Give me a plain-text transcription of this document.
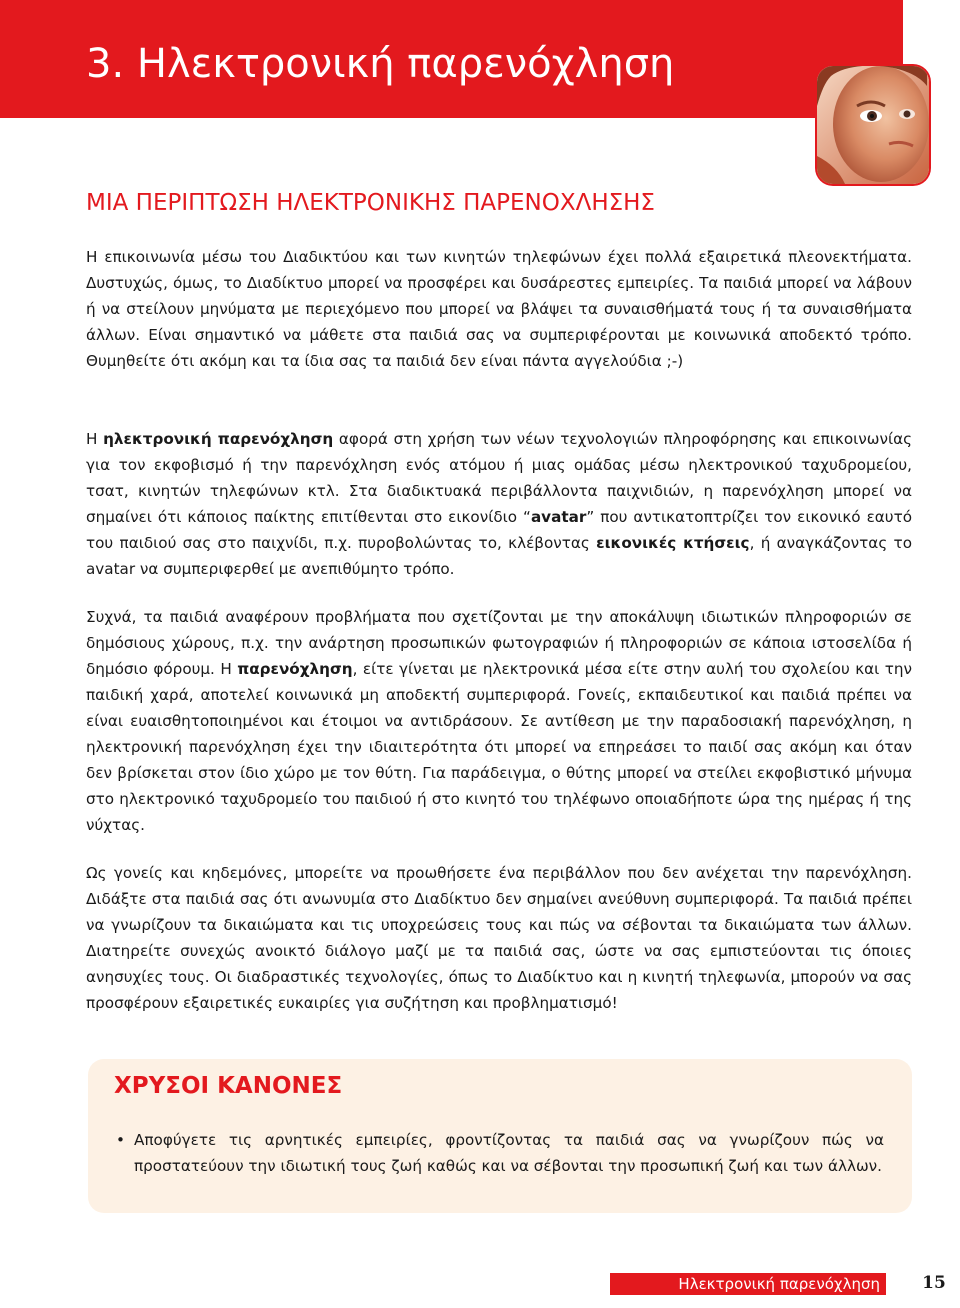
3. Ηλεκτρονική παρενόχληση
ΜΙΑ ΠΕΡΙΠΤΩΣΗ ΗΛΕΚΤΡΟΝΙΚΗΣ ΠΑΡΕΝΟΧΛΗΣΗΣ

Η επικοινωνία μέσω του Διαδικτύου και των κινητών τηλεφώνων έχει πολλά εξαιρετικά πλεονεκτήματα. Δυστυχώς, όμως, το Διαδίκτυο μπορεί να προσφέρει και δυσάρεστες εμπειρίες. Τα παιδιά μπορεί να λάβουν ή να στείλουν μηνύματα με περιεχόμενο που μπορεί να βλάψει τα συναισθήματά τους ή τα συναισθήματα άλλων. Είναι σημαντικό να μάθετε στα παιδιά σας να συμπεριφέρονται με κοινωνικά αποδεκτό τρόπο. Θυμηθείτε ότι ακόμη και τα ίδια σας τα παιδιά δεν είναι πάντα αγγελούδια ;-)

Η ηλεκτρονική παρενόχληση αφορά στη χρήση των νέων τεχνολογιών πληροφόρησης και επικοινωνίας για τον εκφοβισμό ή την παρενόχληση ενός ατόμου ή μιας ομάδας μέσω ηλεκτρονικού ταχυδρομείου, τσατ, κινητών τηλεφώνων κτλ. Στα διαδικτυακά περιβάλλοντα παιχνιδιών, η παρενόχληση μπορεί να σημαίνει ότι κάποιος παίκτης επιτίθενται στο εικονίδιο “avatar” που αντικατοπτρίζει τον εικονικό εαυτό του παιδιού σας στο παιχνίδι, π.χ. πυροβολώντας το, κλέβοντας εικονικές κτήσεις, ή αναγκάζοντας το avatar να συμπεριφερθεί με ανεπιθύμητο τρόπο.

Συχνά, τα παιδιά αναφέρουν προβλήματα που σχετίζονται με την αποκάλυψη ιδιωτικών πληροφοριών σε δημόσιους χώρους, π.χ. την ανάρτηση προσωπικών φωτογραφιών ή πληροφοριών σε κάποια ιστοσελίδα ή δημόσιο φόρουμ. Η παρενόχληση, είτε γίνεται με ηλεκτρονικά μέσα είτε στην αυλή του σχολείου και την παιδική χαρά, αποτελεί κοινωνικά μη αποδεκτή συμπεριφορά. Γονείς, εκπαιδευτικοί και παιδιά πρέπει να είναι ευαισθητοποιημένοι και έτοιμοι να αντιδράσουν. Σε αντίθεση με την παραδοσιακή παρενόχληση, η ηλεκτρονική παρενόχληση έχει την ιδιαιτερότητα ότι μπορεί να επηρεάσει το παιδί σας ακόμη και όταν δεν βρίσκεται στον ίδιο χώρο με τον θύτη. Για παράδειγμα, ο θύτης μπορεί να στείλει εκφοβιστικό μήνυμα στο ηλεκτρονικό ταχυδρομείο του παιδιού ή στο κινητό του τηλέφωνο οποιαδήποτε ώρα της ημέρας ή της νύχτας.

Ως γονείς και κηδεμόνες, μπορείτε να προωθήσετε ένα περιβάλλον που δεν ανέχεται την παρενόχληση. Διδάξτε στα παιδιά σας ότι ανωνυμία στο Διαδίκτυο δεν σημαίνει ανεύθυνη συμπεριφορά. Τα παιδιά πρέπει να γνωρίζουν τα δικαιώματα και τις υποχρεώσεις τους και πώς να σέβονται τα δικαιώματα των άλλων. Διατηρείτε συνεχώς ανοικτό διάλογο μαζί με τα παιδιά σας, ώστε να σας εμπιστεύονται τις όποιες ανησυχίες τους. Οι διαδραστικές τεχνολογίες, όπως το Διαδίκτυο και η κινητή τηλεφωνία, μπορούν να σας προσφέρουν εξαιρετικές ευκαιρίες για συζήτηση και προβληματισμό!

ΧΡΥΣΟΙ ΚΑΝΟΝΕΣ
• Αποφύγετε τις αρνητικές εμπειρίες, φροντίζοντας τα παιδιά σας να γνωρίζουν πώς να προστατεύουν την ιδιωτική τους ζωή καθώς και να σέβονται την προσωπική ζωή και των άλλων.
Ηλεκτρονική παρενόχληση	15
